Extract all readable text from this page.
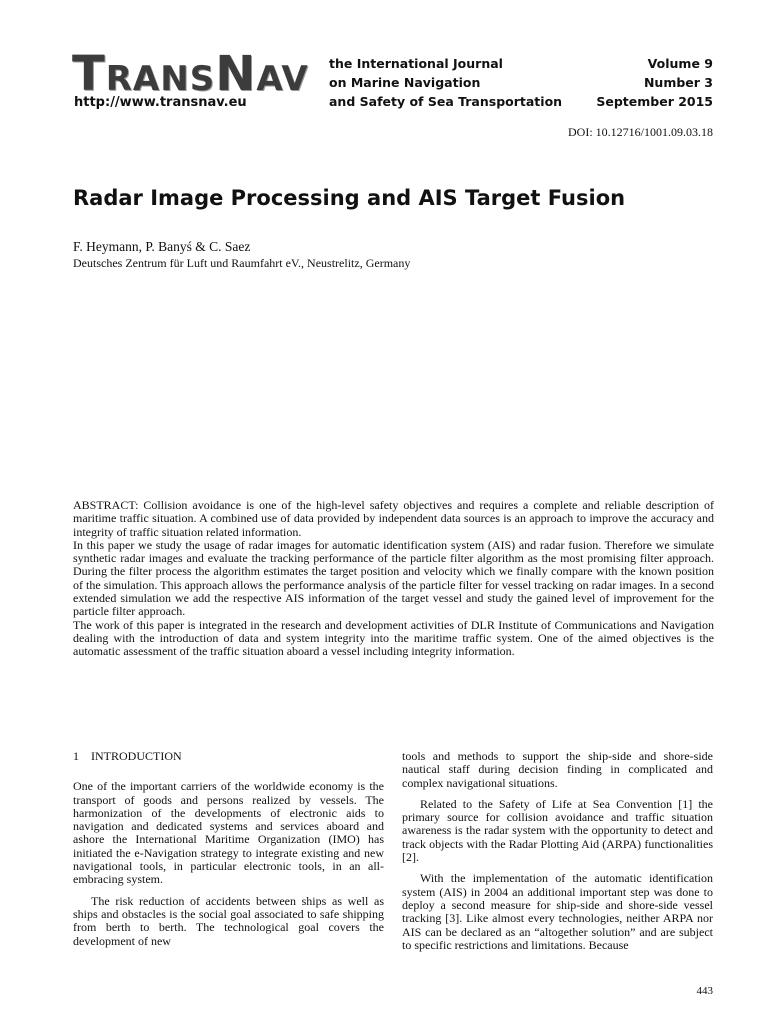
TRANSNAV
http://www.transnav.eu
the International Journal
on Marine Navigation
and Safety of Sea Transportation
Volume 9
Number 3
September 2015
DOI: 10.12716/1001.09.03.18
Radar Image Processing and AIS Target Fusion
F. Heymann, P. Banyś & C. Saez
Deutsches Zentrum für Luft und Raumfahrt eV., Neustrelitz, Germany

ABSTRACT: Collision avoidance is one of the high-level safety objectives and requires a complete and reliable description of maritime traffic situation. A combined use of data provided by independent data sources is an approach to improve the accuracy and integrity of traffic situation related information.

In this paper we study the usage of radar images for automatic identification system (AIS) and radar fusion. Therefore we simulate synthetic radar images and evaluate the tracking performance of the particle filter algorithm as the most promising filter approach. During the filter process the algorithm estimates the target position and velocity which we finally compare with the known position of the simulation. This approach allows the performance analysis of the particle filter for vessel tracking on radar images. In a second extended simulation we add the respective AIS information of the target vessel and study the gained level of improvement for the particle filter approach.

The work of this paper is integrated in the research and development activities of DLR Institute of Communications and Navigation dealing with the introduction of data and system integrity into the maritime traffic system. One of the aimed objectives is the automatic assessment of the traffic situation aboard a vessel including integrity information.

1 INTRODUCTION

One of the important carriers of the worldwide economy is the transport of goods and persons realized by vessels. The harmonization of the developments of electronic aids to navigation and dedicated systems and services aboard and ashore the International Maritime Organization (IMO) has initiated the e-Navigation strategy to integrate existing and new navigational tools, in particular electronic tools, in an all-embracing system.

The risk reduction of accidents between ships as well as ships and obstacles is the social goal associated to safe shipping from berth to berth. The technological goal covers the development of new

tools and methods to support the ship-side and shore-side nautical staff during decision finding in complicated and complex navigational situations.

Related to the Safety of Life at Sea Convention [1] the primary source for collision avoidance and traffic situation awareness is the radar system with the opportunity to detect and track objects with the Radar Plotting Aid (ARPA) functionalities [2].

With the implementation of the automatic identification system (AIS) in 2004 an additional important step was done to deploy a second measure for ship-side and shore-side vessel tracking [3]. Like almost every technologies, neither ARPA nor AIS can be declared as an “altogether solution” and are subject to specific restrictions and limitations. Because

443
